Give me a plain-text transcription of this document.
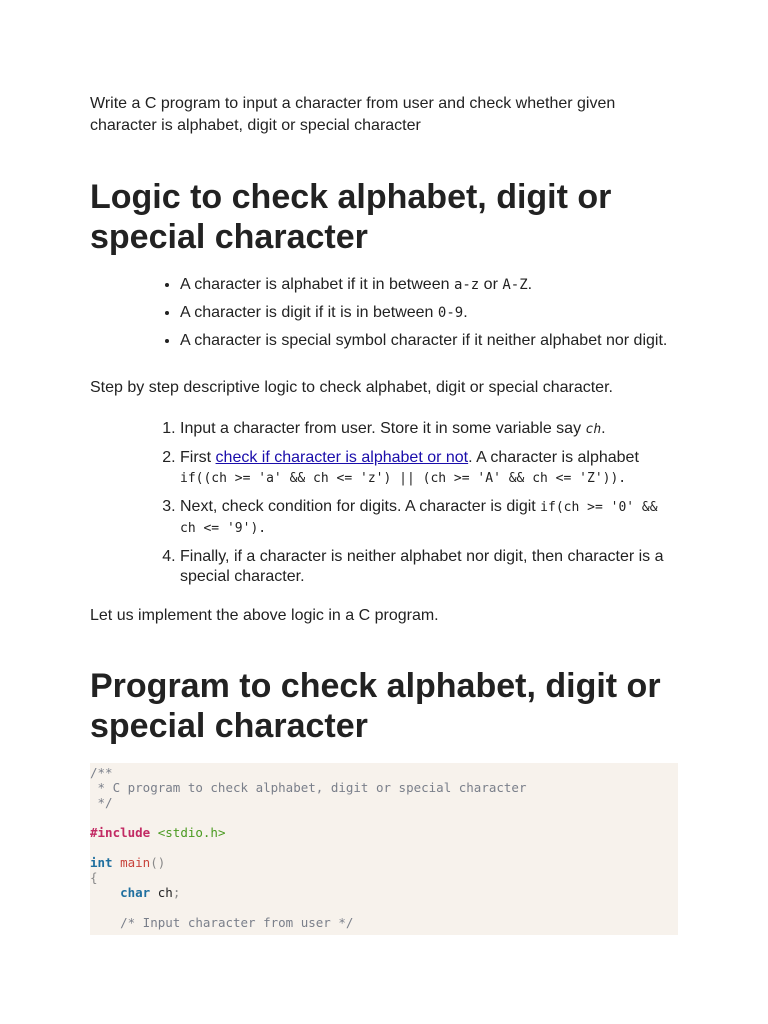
Write a C program to input a character from user and check whether given character is alphabet, digit or special character

Logic to check alphabet, digit or special character
• A character is alphabet if it in between a-z or A-Z.
• A character is digit if it is in between 0-9.
• A character is special symbol character if it neither alphabet nor digit.

Step by step descriptive logic to check alphabet, digit or special character.

1. Input a character from user. Store it in some variable say ch.
2. First check if character is alphabet or not. A character is alphabet if((ch >= 'a' && ch <= 'z') || (ch >= 'A' && ch <= 'Z')).
3. Next, check condition for digits. A character is digit if(ch >= '0' && ch <= '9').
4. Finally, if a character is neither alphabet nor digit, then character is a special character.

Let us implement the above logic in a C program.

Program to check alphabet, digit or special character
/**
* C program to check alphabet, digit or special character
*/

#include <stdio.h>

int main()
{
char ch;

/* Input character from user */
